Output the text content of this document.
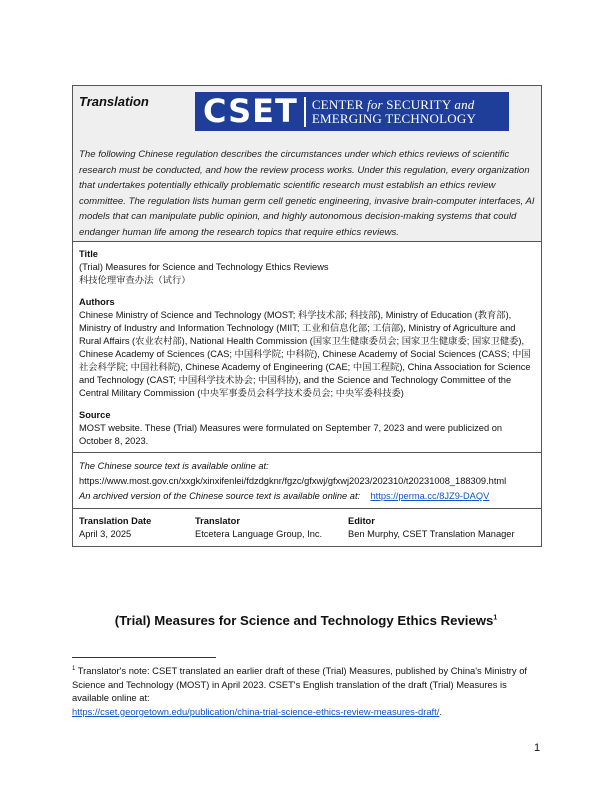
Translation CSET CENTER for SECURITY and
EMERGING TECHNOLOGY
The following Chinese regulation describes the circumstances under which ethics reviews of scientific research must be conducted, and how the review process works. Under this regulation, every organization that undertakes potentially ethically problematic scientific research must establish an ethics review committee. The regulation lists human germ cell genetic engineering, invasive brain-computer interfaces, AI models that can manipulate public opinion, and highly autonomous decision-making systems that could endanger human life among the research topics that require ethics reviews.
Title
(Trial) Measures for Science and Technology Ethics Reviews
科技伦理审查办法（试行）
Authors
Chinese Ministry of Science and Technology (MOST; 科学技术部; 科技部), Ministry of Education (教育部), Ministry of Industry and Information Technology (MIIT; 工业和信息化部; 工信部), Ministry of Agriculture and Rural Affairs (农业农村部), National Health Commission (国家卫生健康委员会; 国家卫生健康委; 国家卫健委), Chinese Academy of Sciences (CAS; 中国科学院; 中科院), Chinese Academy of Social Sciences (CASS; 中国社会科学院; 中国社科院), Chinese Academy of Engineering (CAE; 中国工程院), China Association for Science and Technology (CAST; 中国科学技术协会; 中国科协), and the Science and Technology Committee of the Central Military Commission (中央军事委员会科学技术委员会; 中央军委科技委)
Source
MOST website. These (Trial) Measures were formulated on September 7, 2023 and were publicized on October 8, 2023.
The Chinese source text is available online at:
https://www.most.gov.cn/xxgk/xinxifenlei/fdzdgknr/fgzc/gfxwj/gfxwj2023/202310/t20231008_188309.html
An archived version of the Chinese source text is available online at: https://perma.cc/8JZ9-DAQV
Translation Date
April 3, 2025
Translator
Etcetera Language Group, Inc.
Editor
Ben Murphy, CSET Translation Manager
(Trial) Measures for Science and Technology Ethics Reviews$^1$
$^1$ Translator's note: CSET translated an earlier draft of these (Trial) Measures, published by China's Ministry of Science and Technology (MOST) in April 2023. CSET's English translation of the draft (Trial) Measures is available online at:
https://cset.georgetown.edu/publication/china-trial-science-ethics-review-measures-draft/.
1
